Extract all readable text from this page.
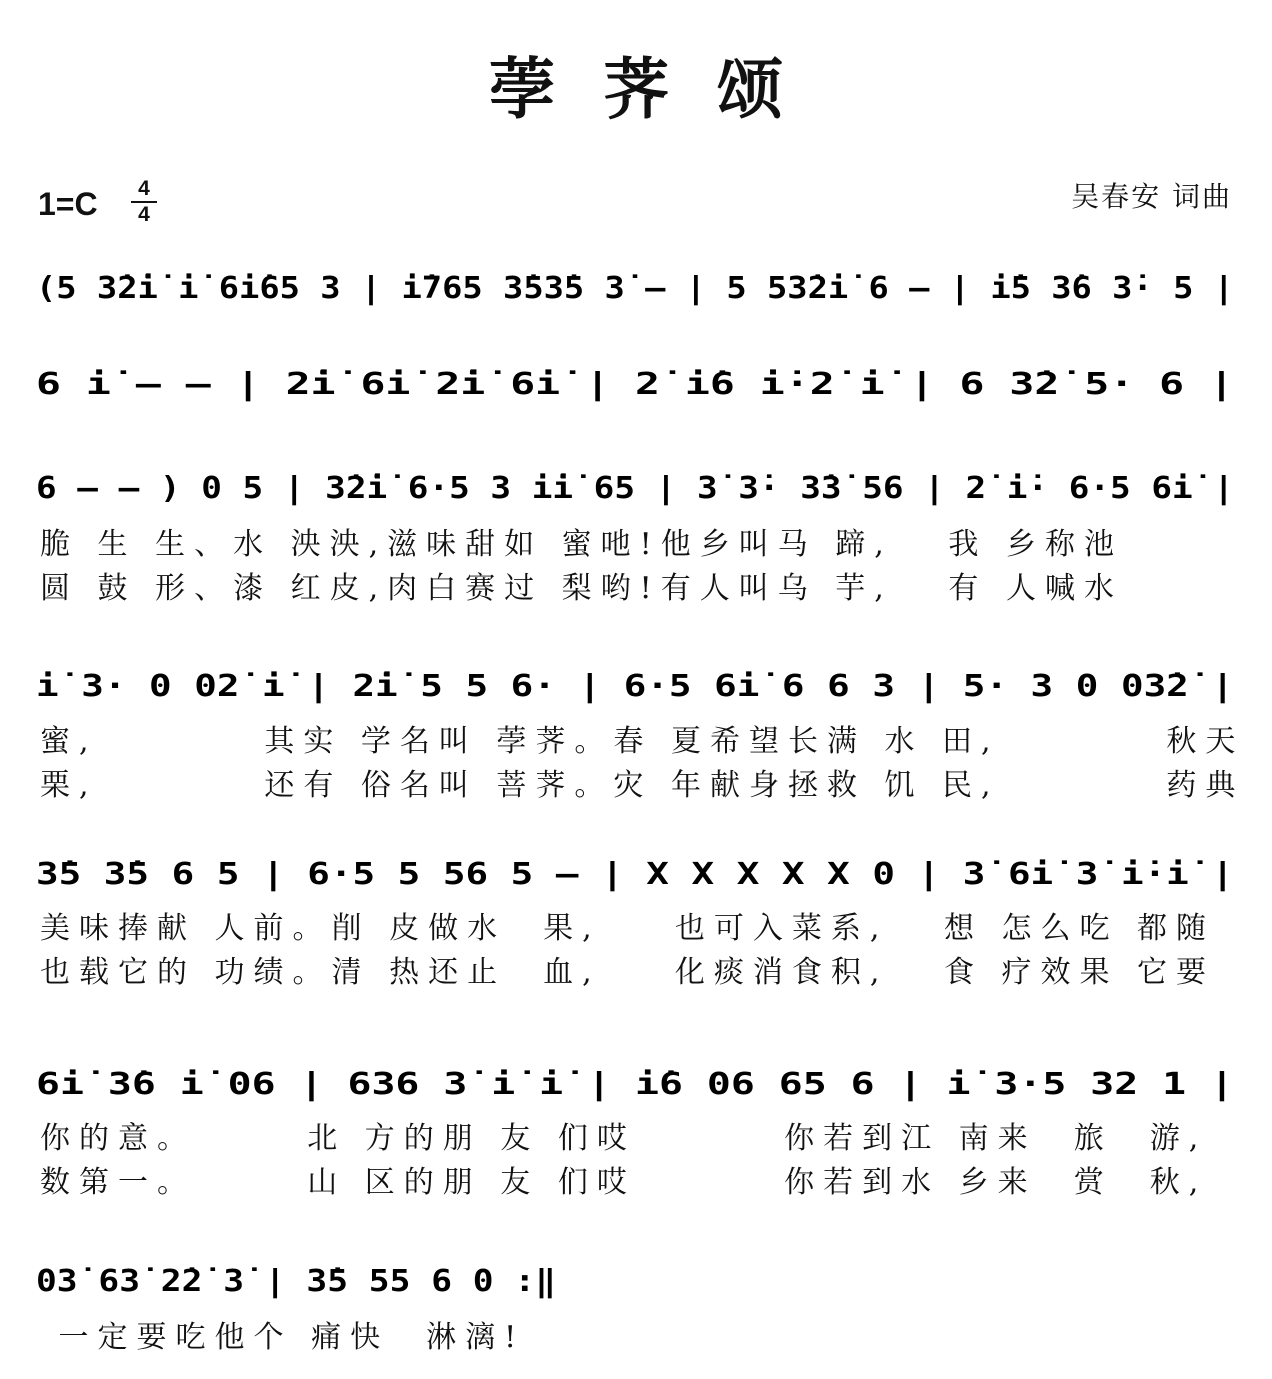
荸荠颂
1=C	4
4
吴春安 词曲
(5 3̇2̇i̇ i̇ 6i̇65 3 | i̇765 3̇53̇5 3̇ – | 5 53̇2i̇ 6 – | i̇5 3̇6 3̇· 5 |
6 i̇ – – | 2̇i̇ 6i̇ 2̇i̇ 6i̇ | 2̇ i̇6 i̇·2̇ i̇ | 6 3̇2̇ 5· 6 |
6 – – ) 0 5 | 3̇2̇i̇ 6·5 3 i̇i̇ 65 | 3̇ 3̇· 3̇3̇ 56 | 2̇ i̇· 6·5 6i̇ |
脆 生 生、水 泱泱,滋味甜如 蜜吔!他乡叫马 蹄,   我 乡称池
圆 鼓 形、漆 红皮,肉白赛过 梨哟!有人叫乌 芋,   有 人喊水
i̇ 3· 0 02̇ i̇ | 2̇i̇ 5 5 6· | 6·5 6i̇ 6 6 3 | 5· 3 0 03̇2̇ |
蜜,         其实 学名叫 荸荠。春 夏希望长满 水 田,         秋天
栗,         还有 俗名叫 菩荠。灾 年献身拯救 饥 民,         药典
3̇5 3̇5 6 5 | 6·5 5 56 5 – | X X X X X 0 | 3̇ 6i̇ 3̇ i̇·i̇ |
美味捧献 人前。削 皮做水  果,    也可入菜系,   想 怎么吃 都随
也载它的 功绩。清 热还止  血,    化痰消食积,   食 疗效果 它要
6i̇ 3̇6 i̇ 06 | 636 3̇ i̇ i̇ | i̇6 06 65 6 | i̇ 3·5 32 1 |
你的意。      北 方的朋 友 们哎        你若到江 南来  旅  游,
数第一。      山 区的朋 友 们哎        你若到水 乡来  赏  秋,
03̇ 63̇ 2̇2̇ 3̇ | 3̇5 55 6 0 :‖
一定要吃他个 痛快  淋漓!
